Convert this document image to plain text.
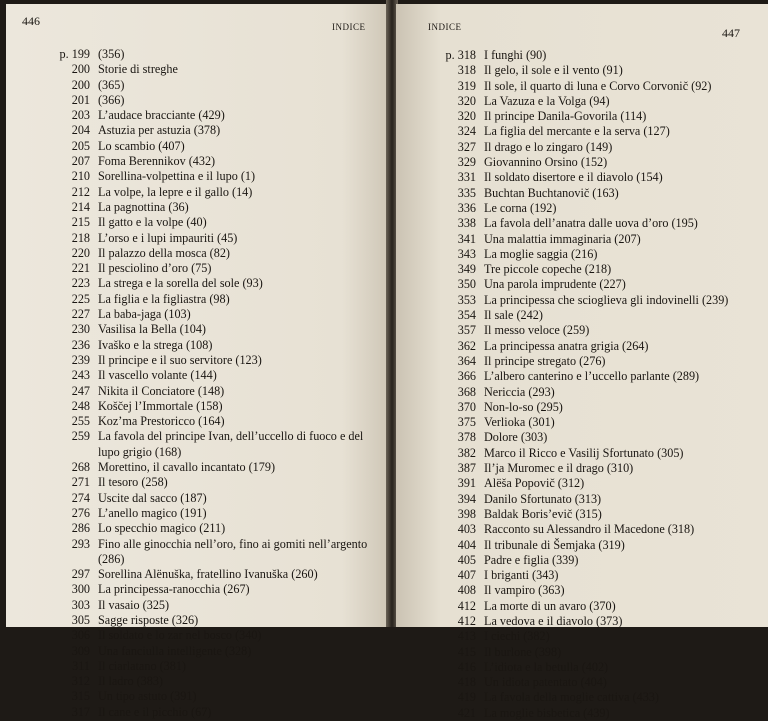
446	INDICE
p. 199 (356)
200 Storie di streghe
200 (365)
201 (366)
203 L’audace bracciante (429)
204 Astuzia per astuzia (378)
205 Lo scambio (407)
207 Foma Berennikov (432)
210 Sorellina-volpettina e il lupo (1)
212 La volpe, la lepre e il gallo (14)
214 La pagnottina (36)
215 Il gatto e la volpe (40)
218 L’orso e i lupi impauriti (45)
220 Il palazzo della mosca (82)
221 Il pesciolino d’oro (75)
223 La strega e la sorella del sole (93)
225 La figlia e la figliastra (98)
227 La baba-jaga (103)
230 Vasilisa la Bella (104)
236 Ivaško e la strega (108)
239 Il principe e il suo servitore (123)
243 Il vascello volante (144)
247 Nikita il Conciatore (148)
248 Koščej l’Immortale (158)
255 Koz’ma Prestoricco (164)
259 La favola del principe Ivan, dell’uccello di fuoco e del lupo grigio (168)
268 Morettino, il cavallo incantato (179)
271 Il tesoro (258)
274 Uscite dal sacco (187)
276 L’anello magico (191)
286 Lo specchio magico (211)
293 Fino alle ginocchia nell’oro, fino ai gomiti nell’argento (286)
297 Sorellina Alënuška, fratellino Ivanuška (260)
300 La principessa-ranocchia (267)
303 Il vasaio (325)
305 Sagge risposte (326)
306 Il soldato e lo zar nel bosco (340)
309 Una fanciulla intelligente (328)
311 Il ciarlatano (381)
312 Il ladro (383)
315 Un tipo astuto (391)
317 Il cane e il picchio (67)
INDICE	447
p. 318 I funghi (90)
318 Il gelo, il sole e il vento (91)
319 Il sole, il quarto di luna e Corvo Corvonič (92)
320 La Vazuza e la Volga (94)
320 Il principe Danila-Govorila (114)
324 La figlia del mercante e la serva (127)
327 Il drago e lo zingaro (149)
329 Giovannino Orsino (152)
331 Il soldato disertore e il diavolo (154)
335 Buchtan Buchtanovič (163)
336 Le corna (192)
338 La favola dell’anatra dalle uova d’oro (195)
341 Una malattia immaginaria (207)
343 La moglie saggia (216)
349 Tre piccole copeche (218)
350 Una parola imprudente (227)
353 La principessa che scioglieva gli indovinelli (239)
354 Il sale (242)
357 Il messo veloce (259)
362 La principessa anatra grigia (264)
364 Il principe stregato (276)
366 L’albero canterino e l’uccello parlante (289)
368 Nericcia (293)
370 Non-lo-so (295)
375 Verlioka (301)
378 Dolore (303)
382 Marco il Ricco e Vasilij Sfortunato (305)
387 Il’ja Muromec e il drago (310)
391 Alëša Popovič (312)
394 Danilo Sfortunato (313)
398 Baldak Boris’evič (315)
403 Racconto su Alessandro il Macedone (318)
404 Il tribunale di Šemjaka (319)
405 Padre e figlia (339)
407 I briganti (343)
408 Il vampiro (363)
412 La morte di un avaro (370)
412 La vedova e il diavolo (373)
413 I ciechi (382)
415 Il burlone (398)
416 L’idiota e la betulla (402)
418 Un idiota patentato (404)
419 La favola della moglie cattiva (433)
421 La moglie bisbetica (439)
